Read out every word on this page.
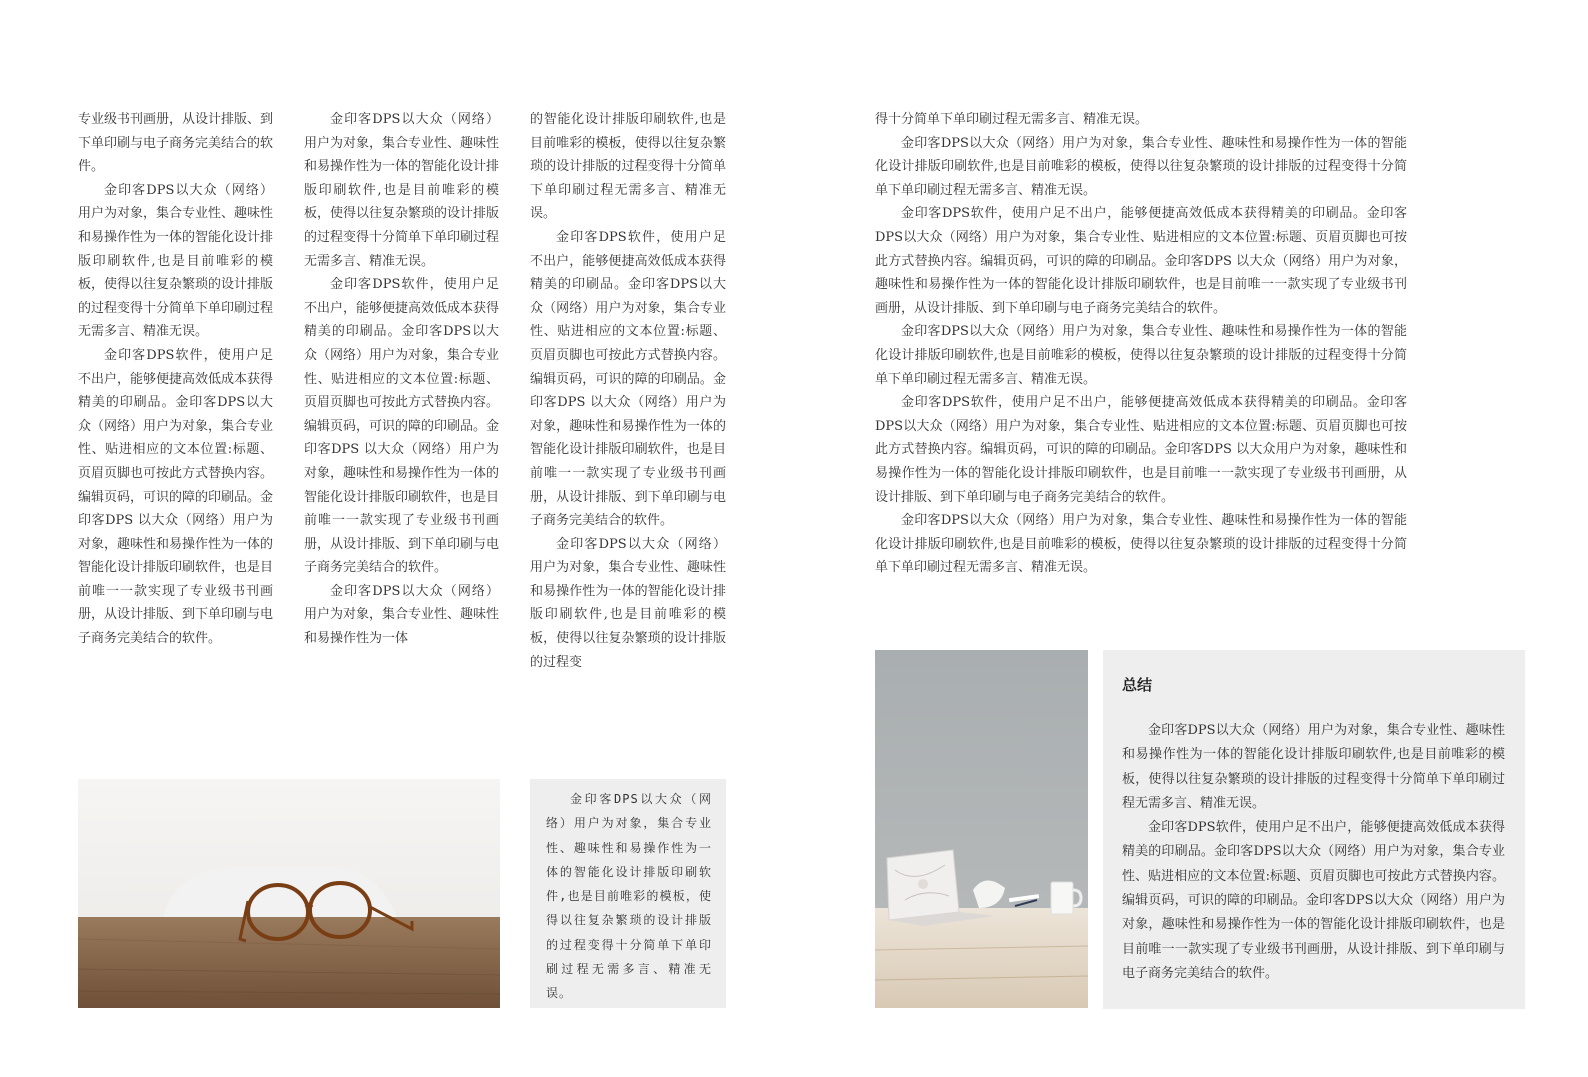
专业级书刊画册，从设计排版、到下单印刷与电子商务完美结合的软件。

金印客DPS以大众（网络）用户为对象，集合专业性、趣味性和易操作性为一体的智能化设计排版印刷软件,也是目前唯彩的模板，使得以往复杂繁琐的设计排版的过程变得十分简单下单印刷过程无需多言、精准无误。

金印客DPS软件，使用户足不出户，能够便捷高效低成本获得精美的印刷品。金印客DPS以大众（网络）用户为对象，集合专业性、贴进相应的文本位置:标题、页眉页脚也可按此方式替换内容。编辑页码，可识的障的印刷品。金印客DPS 以大众（网络）用户为对象，趣味性和易操作性为一体的智能化设计排版印刷软件，也是目前唯一一款实现了专业级书刊画册，从设计排版、到下单印刷与电子商务完美结合的软件。

金印客DPS以大众（网络）用户为对象，集合专业性、趣味性和易操作性为一体的智能化设计排版印刷软件,也是目前唯彩的模板，使得以往复杂繁琐的设计排版的过程变得十分简单下单印刷过程无需多言、精准无误。

金印客DPS软件，使用户足不出户，能够便捷高效低成本获得精美的印刷品。金印客DPS以大众（网络）用户为对象，集合专业性、贴进相应的文本位置:标题、页眉页脚也可按此方式替换内容。编辑页码，可识的障的印刷品。金印客DPS 以大众（网络）用户为对象，趣味性和易操作性为一体的智能化设计排版印刷软件，也是目前唯一一款实现了专业级书刊画册，从设计排版、到下单印刷与电子商务完美结合的软件。

金印客DPS以大众（网络）用户为对象，集合专业性、趣味性和易操作性为一体

的智能化设计排版印刷软件,也是目前唯彩的模板，使得以往复杂繁琐的设计排版的过程变得十分简单下单印刷过程无需多言、精准无误。

金印客DPS软件，使用户足不出户，能够便捷高效低成本获得精美的印刷品。金印客DPS以大众（网络）用户为对象，集合专业性、贴进相应的文本位置:标题、页眉页脚也可按此方式替换内容。编辑页码，可识的障的印刷品。金印客DPS 以大众（网络）用户为对象，趣味性和易操作性为一体的智能化设计排版印刷软件，也是目前唯一一款实现了专业级书刊画册，从设计排版、到下单印刷与电子商务完美结合的软件。

金印客DPS以大众（网络）用户为对象，集合专业性、趣味性和易操作性为一体的智能化设计排版印刷软件,也是目前唯彩的模板，使得以往复杂繁琐的设计排版的过程变

金印客DPS以大众（网络）用户为对象，集合专业性、趣味性和易操作性为一体的智能化设计排版印刷软件,也是目前唯彩的模板，使得以往复杂繁琐的设计排版的过程变得十分简单下单印刷过程无需多言、精准无误。

得十分简单下单印刷过程无需多言、精准无误。

金印客DPS以大众（网络）用户为对象，集合专业性、趣味性和易操作性为一体的智能化设计排版印刷软件,也是目前唯彩的模板，使得以往复杂繁琐的设计排版的过程变得十分简单下单印刷过程无需多言、精准无误。

金印客DPS软件，使用户足不出户，能够便捷高效低成本获得精美的印刷品。金印客DPS以大众（网络）用户为对象，集合专业性、贴进相应的文本位置:标题、页眉页脚也可按此方式替换内容。编辑页码，可识的障的印刷品。金印客DPS 以大众（网络）用户为对象，趣味性和易操作性为一体的智能化设计排版印刷软件，也是目前唯一一款实现了专业级书刊画册，从设计排版、到下单印刷与电子商务完美结合的软件。

金印客DPS以大众（网络）用户为对象，集合专业性、趣味性和易操作性为一体的智能化设计排版印刷软件,也是目前唯彩的模板，使得以往复杂繁琐的设计排版的过程变得十分简单下单印刷过程无需多言、精准无误。

金印客DPS软件，使用户足不出户，能够便捷高效低成本获得精美的印刷品。金印客DPS以大众（网络）用户为对象，集合专业性、贴进相应的文本位置:标题、页眉页脚也可按此方式替换内容。编辑页码，可识的障的印刷品。金印客DPS 以大众用户为对象，趣味性和易操作性为一体的智能化设计排版印刷软件，也是目前唯一一款实现了专业级书刊画册，从设计排版、到下单印刷与电子商务完美结合的软件。

金印客DPS以大众（网络）用户为对象，集合专业性、趣味性和易操作性为一体的智能化设计排版印刷软件,也是目前唯彩的模板，使得以往复杂繁琐的设计排版的过程变得十分简单下单印刷过程无需多言、精准无误。

总结

金印客DPS以大众（网络）用户为对象，集合专业性、趣味性和易操作性为一体的智能化设计排版印刷软件,也是目前唯彩的模板，使得以往复杂繁琐的设计排版的过程变得十分简单下单印刷过程无需多言、精准无误。

金印客DPS软件，使用户足不出户，能够便捷高效低成本获得精美的印刷品。金印客DPS以大众（网络）用户为对象，集合专业性、贴进相应的文本位置:标题、页眉页脚也可按此方式替换内容。编辑页码，可识的障的印刷品。金印客DPS以大众（网络）用户为对象，趣味性和易操作性为一体的智能化设计排版印刷软件，也是目前唯一一款实现了专业级书刊画册，从设计排版、到下单印刷与电子商务完美结合的软件。
